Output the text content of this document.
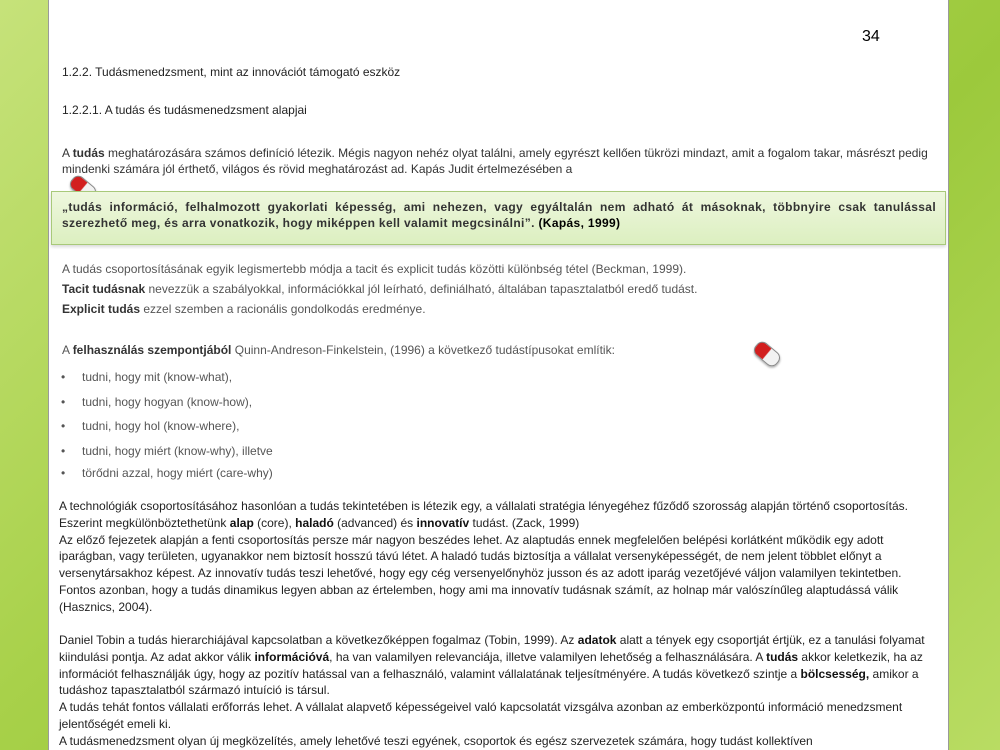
34
1.2.2. Tudásmenedzsment, mint az innovációt támogató eszköz
1.2.2.1. A tudás és tudásmenedzsment alapjai
A tudás meghatározására számos definíció létezik. Mégis nagyon nehéz olyat találni, amely egyrészt kellően tükrözi mindazt, amit a fogalom takar, másrészt pedig mindenki számára jól érthető, világos és rövid meghatározást ad. Kapás Judit értelmezésében a
„tudás információ, felhalmozott gyakorlati képesség, ami nehezen, vagy egyáltalán nem adható át másoknak, többnyire csak tanulással szerezhető meg, és arra vonatkozik, hogy miképpen kell valamit megcsinálni”. (Kapás, 1999)
A tudás csoportosításának egyik legismertebb módja a tacit és explicit tudás közötti különbség tétel (Beckman, 1999).
Tacit tudásnak nevezzük a szabályokkal, információkkal jól leírható, definiálható, általában tapasztalatból eredő tudást.
Explicit tudás ezzel szemben a racionális gondolkodás eredménye.
A felhasználás szempontjából Quinn-Andreson-Finkelstein, (1996) a következő tudástípusokat említik:
• tudni, hogy mit (know-what),
• tudni, hogy hogyan (know-how),
• tudni, hogy hol (know-where),
• tudni, hogy miért (know-why), illetve
• törődni azzal, hogy miért (care-why)
A technológiák csoportosításához hasonlóan a tudás tekintetében is létezik egy, a vállalati stratégia lényegéhez fűződő szorosság alapján történő csoportosítás. Eszerint megkülönböztethetünk alap (core), haladó (advanced) és innovatív tudást. (Zack, 1999)
Az előző fejezetek alapján a fenti csoportosítás persze már nagyon beszédes lehet. Az alaptudás ennek megfelelően belépési korlátként működik egy adott iparágban, vagy területen, ugyanakkor nem biztosít hosszú távú létet. A haladó tudás biztosítja a vállalat versenyképességét, de nem jelent többlet előnyt a versenytársakhoz képest. Az innovatív tudás teszi lehetővé, hogy egy cég versenyelőnyhöz jusson és az adott iparág vezetőjévé váljon valamilyen tekintetben. Fontos azonban, hogy a tudás dinamikus legyen abban az értelemben, hogy ami ma innovatív tudásnak számít, az holnap már valószínűleg alaptudássá válik (Hasznics, 2004).
Daniel Tobin a tudás hierarchiájával kapcsolatban a következőképpen fogalmaz (Tobin, 1999). Az adatok alatt a tények egy csoportját értjük, ez a tanulási folyamat kiindulási pontja. Az adat akkor válik információvá, ha van valamilyen relevanciája, illetve valamilyen lehetőség a felhasználására. A tudás akkor keletkezik, ha az információt felhasználják úgy, hogy az pozitív hatással van a felhasználó, valamint vállalatának teljesítményére. A tudás következő szintje a bölcsesség, amikor a tudáshoz tapasztalatból származó intuíció is társul.
A tudás tehát fontos vállalati erőforrás lehet. A vállalat alapvető képességeivel való kapcsolatát vizsgálva azonban az emberközpontú információ menedzsment jelentőségét emeli ki.
A tudásmenedzsment olyan új megközelítés, amely lehetővé teszi egyének, csoportok és egész szervezetek számára, hogy tudást kollektíven
